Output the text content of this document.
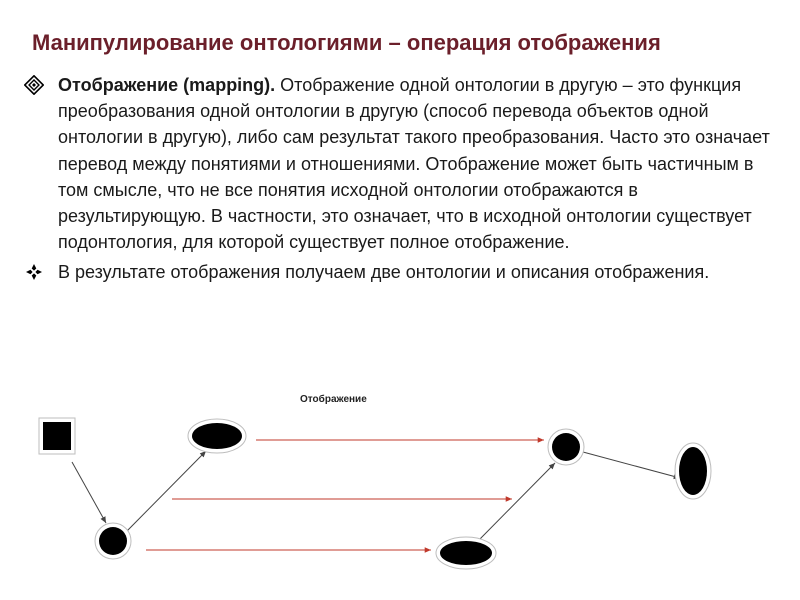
Манипулирование онтологиями – операция отображения
Отображение (mapping). Отображение одной онтологии в другую – это функция преобразования одной онтологии в другую (способ перевода объектов одной онтологии в другую), либо сам результат такого преобразования. Часто это означает перевод между понятиями и отношениями. Отображение может быть частичным в том смысле, что не все понятия исходной онтологии отображаются в результирующую. В частности, это означает, что в исходной онтологии существует подонтология, для которой существует полное отображение.
В результате отображения получаем две онтологии и описания отображения.
Отображение
